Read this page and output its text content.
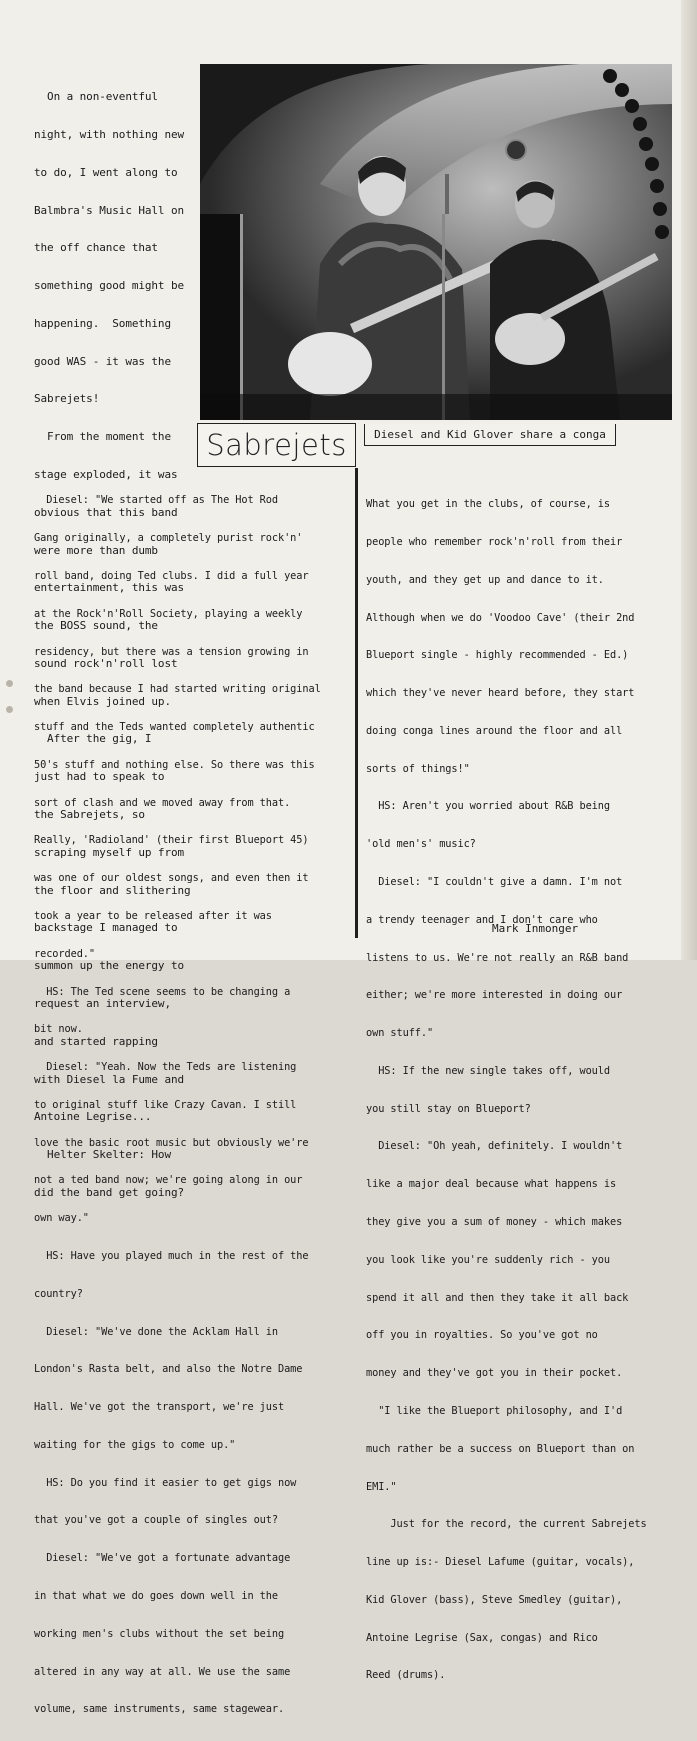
Sabrejets	Diesel and Kid Glover share a conga

On a non-eventful

night, with nothing new

to do, I went along to

Balmbra's Music Hall on

the off chance that

something good might be

happening.  Something

good WAS - it was the

Sabrejets!

From the moment the

stage exploded, it was

obvious that this band

were more than dumb

entertainment, this was

the BOSS sound, the

sound rock'n'roll lost

when Elvis joined up.

After the gig, I

just had to speak to

the Sabrejets, so

scraping myself up from

the floor and slithering

backstage I managed to

summon up the energy to

request an interview,

and started rapping

with Diesel la Fume and

Antoine Legrise...

Helter Skelter: How

did the band get going?

Diesel: "We started off as The Hot Rod

Gang originally, a completely purist rock'n'

roll band, doing Ted clubs. I did a full year

at the Rock'n'Roll Society, playing a weekly

residency, but there was a tension growing in

the band because I had started writing original

stuff and the Teds wanted completely authentic

50's stuff and nothing else. So there was this

sort of clash and we moved away from that.

Really, 'Radioland' (their first Blueport 45)

was one of our oldest songs, and even then it

took a year to be released after it was

recorded."

HS: The Ted scene seems to be changing a

bit now.

Diesel: "Yeah. Now the Teds are listening

to original stuff like Crazy Cavan. I still

love the basic root music but obviously we're

not a ted band now; we're going along in our

own way."

HS: Have you played much in the rest of the

country?

Diesel: "We've done the Acklam Hall in

London's Rasta belt, and also the Notre Dame

Hall. We've got the transport, we're just

waiting for the gigs to come up."

HS: Do you find it easier to get gigs now

that you've got a couple of singles out?

Diesel: "We've got a fortunate advantage

in that what we do goes down well in the

working men's clubs without the set being

altered in any way at all. We use the same

volume, same instruments, same stagewear.

What you get in the clubs, of course, is

people who remember rock'n'roll from their

youth, and they get up and dance to it.

Although when we do 'Voodoo Cave' (their 2nd

Blueport single - highly recommended - Ed.)

which they've never heard before, they start

doing conga lines around the floor and all

sorts of things!"

HS: Aren't you worried about R&B being

'old men's' music?

Diesel: "I couldn't give a damn. I'm not

a trendy teenager and I don't care who

listens to us. We're not really an R&B band

either; we're more interested in doing our

own stuff."

HS: If the new single takes off, would

you still stay on Blueport?

Diesel: "Oh yeah, definitely. I wouldn't

like a major deal because what happens is

they give you a sum of money - which makes

you look like you're suddenly rich - you

spend it all and then they take it all back

off you in royalties. So you've got no

money and they've got you in their pocket.

"I like the Blueport philosophy, and I'd

much rather be a success on Blueport than on

EMI."

Just for the record, the current Sabrejets

line up is:- Diesel Lafume (guitar, vocals),

Kid Glover (bass), Steve Smedley (guitar),

Antoine Legrise (Sax, congas) and Rico

Reed (drums).

Mark Inmonger
